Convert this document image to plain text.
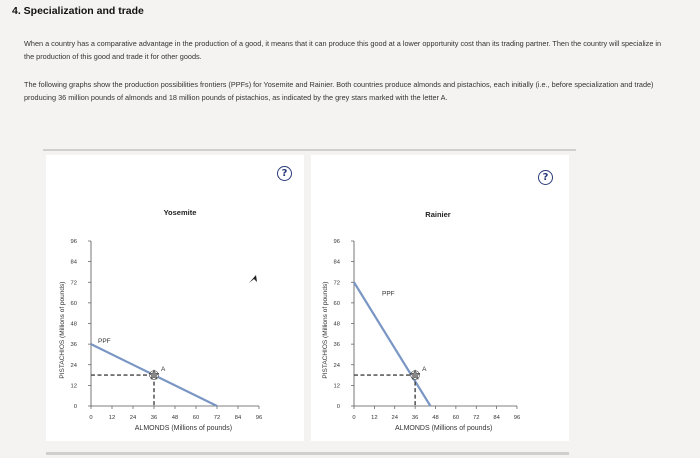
4. Specialization and trade
When a country has a comparative advantage in the production of a good, it means that it can produce this good at a lower opportunity cost than its trading partner. Then the country will specialize in the production of this good and trade it for other goods.
The following graphs show the production possibilities frontiers (PPFs) for Yosemite and Rainier. Both countries produce almonds and pistachios, each initially (i.e., before specialization and trade) producing 36 million pounds of almonds and 18 million pounds of pistachios, as indicated by the grey stars marked with the letter A.
?	?
Yosemite
0	12	24	36	48	60	72	84	96
0
12
24
36
48
60
72
84
96
PPF
A
ALMONDS (Millions of pounds)
PISTACHIOS (Millions of pounds)
Rainier
0	12 24 36 48 60 72 84 96
0
12
24
36
48
60
72
84
96
PPF
A
ALMONDS (Millions of pounds)
PISTACHIOS (Millions of pounds)
